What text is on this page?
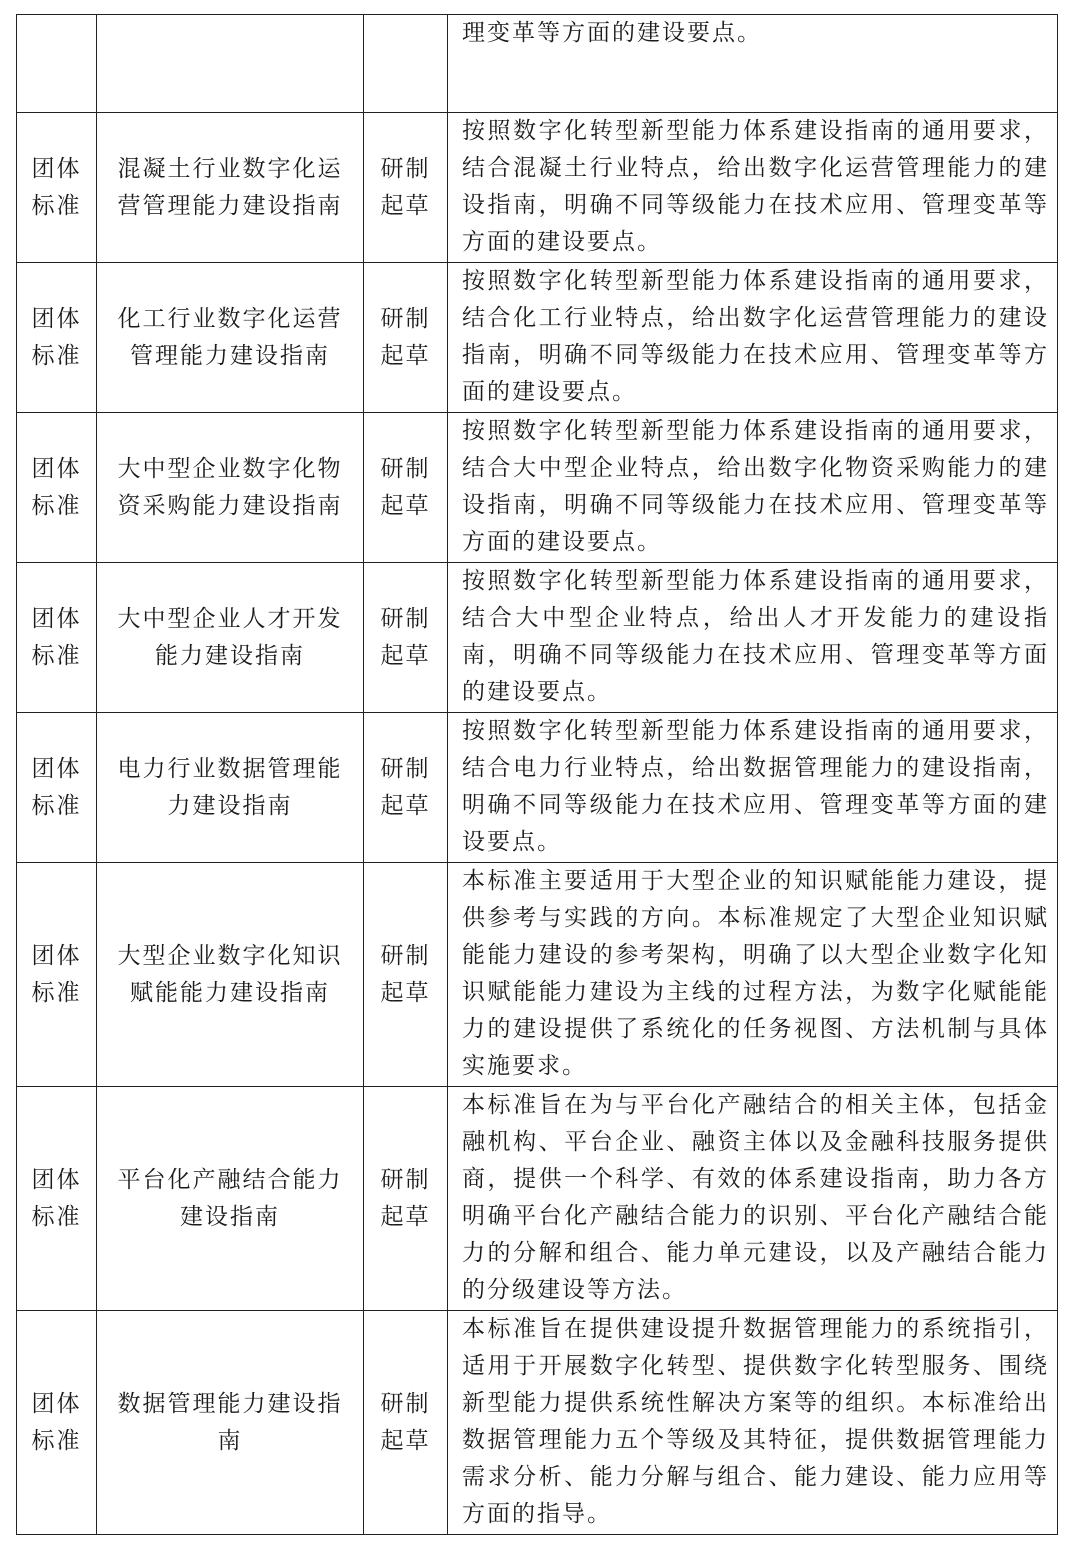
			理变革等方面的建设要点。
团体标准	混凝土行业数字化运营管理能力建设指南	研制起草	按照数字化转型新型能力体系建设指南的通用要求，结合混凝土行业特点，给出数字化运营管理能力的建设指南，明确不同等级能力在技术应用、管理变革等方面的建设要点。
团体标准	化工行业数字化运营管理能力建设指南	研制起草	按照数字化转型新型能力体系建设指南的通用要求，结合化工行业特点，给出数字化运营管理能力的建设指南，明确不同等级能力在技术应用、管理变革等方面的建设要点。
团体标准	大中型企业数字化物资采购能力建设指南	研制起草	按照数字化转型新型能力体系建设指南的通用要求，结合大中型企业特点，给出数字化物资采购能力的建设指南，明确不同等级能力在技术应用、管理变革等方面的建设要点。
团体标准	大中型企业人才开发能力建设指南	研制起草	按照数字化转型新型能力体系建设指南的通用要求，结合大中型企业特点，给出人才开发能力的建设指南，明确不同等级能力在技术应用、管理变革等方面的建设要点。
团体标准	电力行业数据管理能力建设指南	研制起草	按照数字化转型新型能力体系建设指南的通用要求，结合电力行业特点，给出数据管理能力的建设指南，明确不同等级能力在技术应用、管理变革等方面的建设要点。
团体标准	大型企业数字化知识赋能能力建设指南	研制起草	本标准主要适用于大型企业的知识赋能能力建设，提供参考与实践的方向。本标准规定了大型企业知识赋能能力建设的参考架构，明确了以大型企业数字化知识赋能能力建设为主线的过程方法，为数字化赋能能力的建设提供了系统化的任务视图、方法机制与具体实施要求。
团体标准	平台化产融结合能力建设指南	研制起草	本标准旨在为与平台化产融结合的相关主体，包括金融机构、平台企业、融资主体以及金融科技服务提供商，提供一个科学、有效的体系建设指南，助力各方明确平台化产融结合能力的识别、平台化产融结合能力的分解和组合、能力单元建设，以及产融结合能力的分级建设等方法。
团体标准	数据管理能力建设指南	研制起草	本标准旨在提供建设提升数据管理能力的系统指引，适用于开展数字化转型、提供数字化转型服务、围绕新型能力提供系统性解决方案等的组织。本标准给出数据管理能力五个等级及其特征，提供数据管理能力需求分析、能力分解与组合、能力建设、能力应用等方面的指导。
